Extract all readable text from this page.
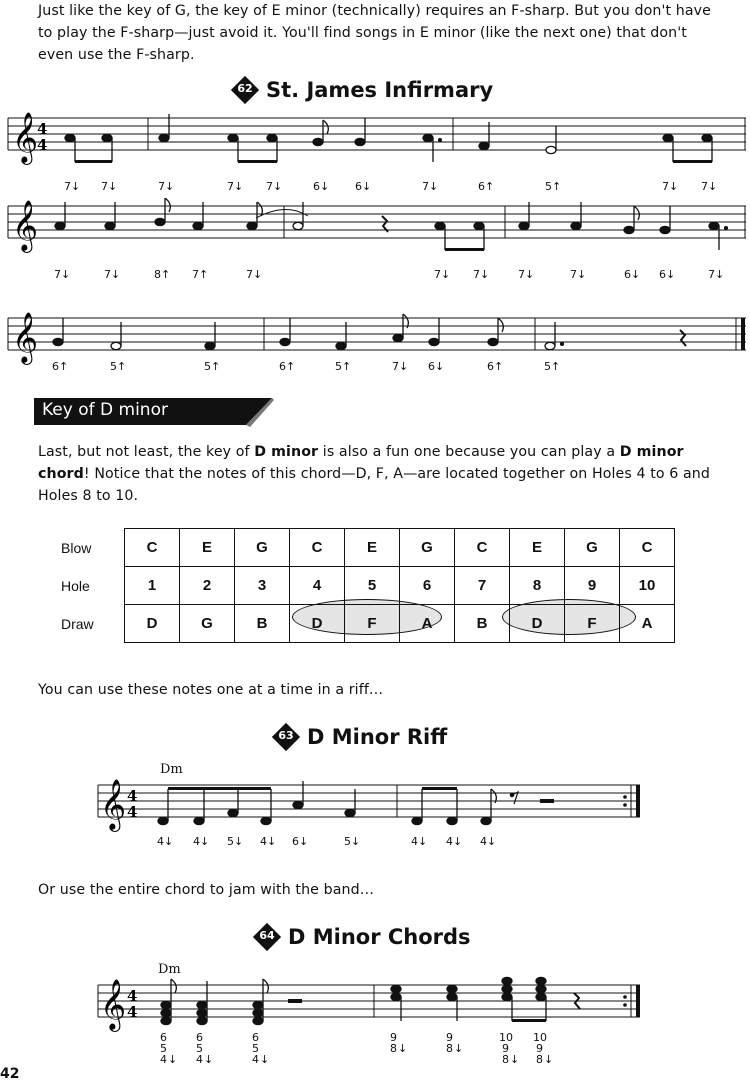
Just like the key of G, the key of E minor (technically) requires an F-sharp. But you don't have to play the F-sharp—just avoid it. You'll find songs in E minor (like the next one) that don't even use the F-sharp.
62 St. James Infirmary
𝄞
4
4
7↓ 7↓	7↓	7↓ 7↓	6↓ 6↓	7↓	6↑	5↑	7↓ 7↓
𝄞
7↓	7↓	8↑ 7↑	7↓	7↓ 7↓	7↓	7↓	6↓ 6↓	7↓
𝄞
6↑	5↑	5↑	6↑	5↑	7↓ 6↓	6↑	5↑
Key of D minor
Last, but not least, the key of D minor is also a fun one because you can play a D minor chord! Notice that the notes of this chord—D, F, A—are located together on Holes 4 to 6 and Holes 8 to 10.
Blow	C	E	G	C	E	G	C	E	G	C
Hole	1	2	3	4	5	6	7	8	9	10
Draw	D	G	B	D	F	A	B	D	F	A
You can use these notes one at a time in a riff…
63 D Minor Riff
Dm
𝄞 4
4
4↓ 4↓ 5↓ 4↓ 6↓	5↓	4↓ 4↓ 4↓
Or use the entire chord to jam with the band…
64 D Minor Chords
Dm
𝄞 4
4
6
5
4 ↓
6
5
4 ↓
6
5
4 ↓
9
8 ↓
9
8 ↓
10
9
8 ↓
10
9
8 ↓
42
